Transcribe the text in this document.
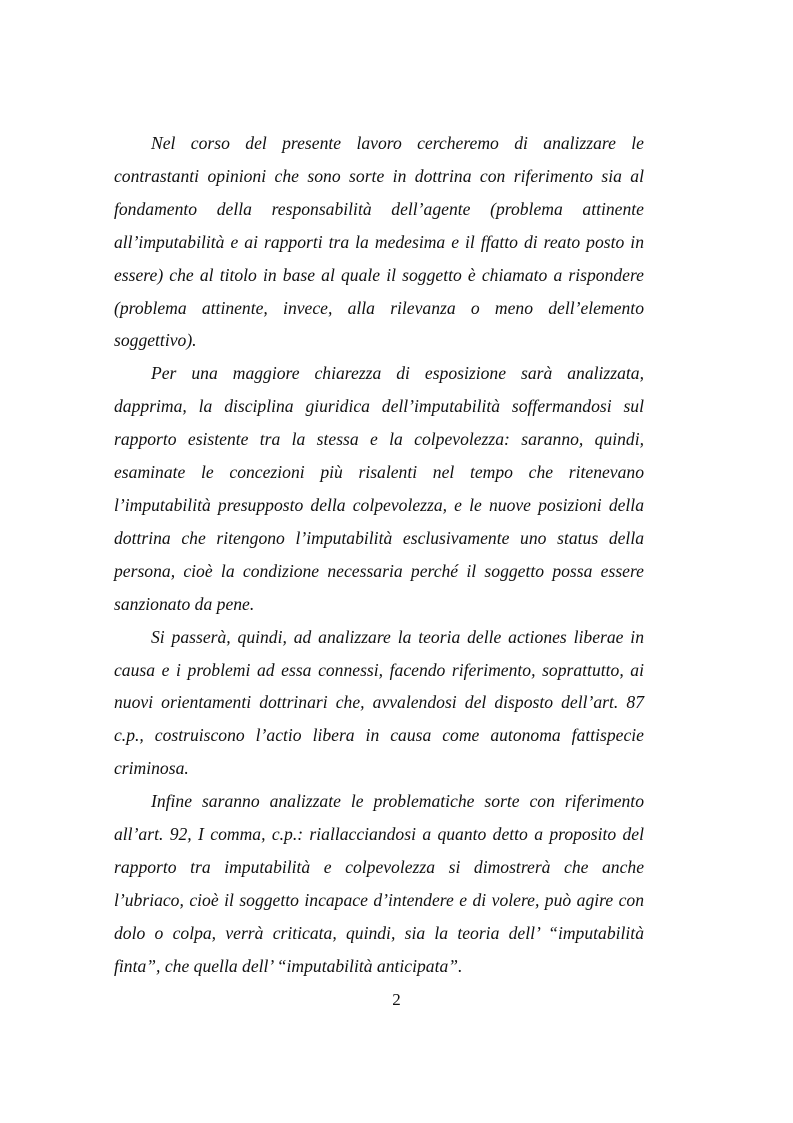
Nel corso del presente lavoro cercheremo di analizzare le contrastanti opinioni che sono sorte in dottrina con riferimento sia al fondamento della responsabilità dell’agente (problema attinente all’imputabilità e ai rapporti tra la medesima e il ffatto di reato posto in essere) che al titolo in base al quale il soggetto è chiamato a rispondere (problema attinente, invece, alla rilevanza o meno dell’elemento soggettivo).

Per una maggiore chiarezza di esposizione sarà analizzata, dapprima, la disciplina giuridica dell’imputabilità soffermandosi sul rapporto esistente tra la stessa e la colpevolezza: saranno, quindi, esaminate le concezioni più risalenti nel tempo che ritenevano l’imputabilità presupposto della colpevolezza, e le nuove posizioni della dottrina che ritengono l’imputabilità esclusivamente uno status della persona, cioè la condizione necessaria perché il soggetto possa essere sanzionato da pene.

Si passerà, quindi, ad analizzare la teoria delle actiones liberae in causa e i problemi ad essa connessi, facendo riferimento, soprattutto, ai nuovi orientamenti dottrinari che, avvalendosi del disposto dell’art. 87 c.p., costruiscono l’actio libera in causa come autonoma fattispecie criminosa.

Infine saranno analizzate le problematiche sorte con riferimento all’art. 92, I comma, c.p.: riallacciandosi a quanto detto a proposito del rapporto tra imputabilità e colpevolezza si dimostrerà che anche l’ubriaco, cioè il soggetto incapace d’intendere e di volere, può agire con dolo o colpa, verrà criticata, quindi, sia la teoria dell’ “imputabilità finta”, che quella dell’ “imputabilità anticipata”.

2
